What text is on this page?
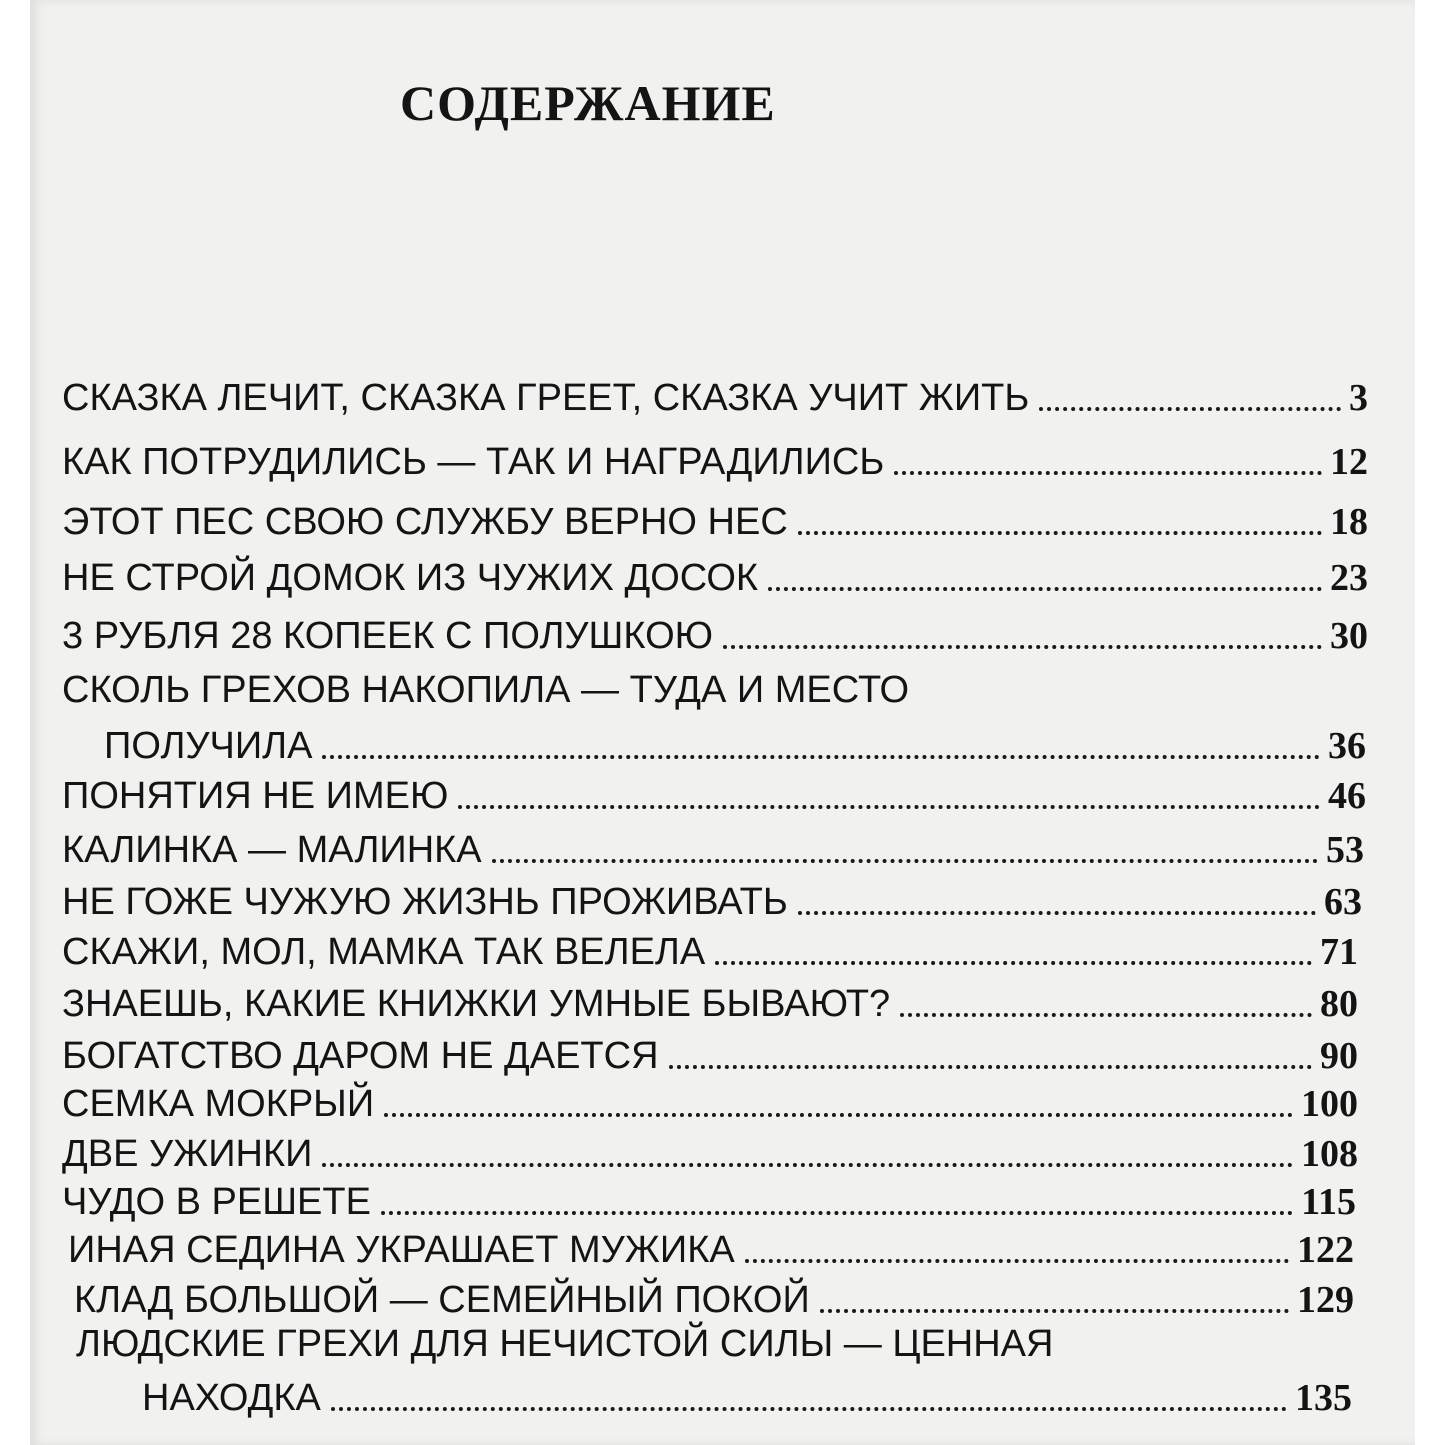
СОДЕРЖАНИЕ
СКАЗКА ЛЕЧИТ, СКАЗКА ГРЕЕТ, СКАЗКА УЧИТ ЖИТЬ	3
КАК ПОТРУДИЛИСЬ — ТАК И НАГРАДИЛИСЬ	12
ЭТОТ ПЕС СВОЮ СЛУЖБУ ВЕРНО НЕС	18
НЕ СТРОЙ ДОМОК ИЗ ЧУЖИХ ДОСОК	23
3 РУБЛЯ 28 КОПЕЕК С ПОЛУШКОЮ	30
СКОЛЬ ГРЕХОВ НАКОПИЛА — ТУДА И МЕСТО
ПОЛУЧИЛА	36
ПОНЯТИЯ НЕ ИМЕЮ	46
КАЛИНКА — МАЛИНКА	53
НЕ ГОЖЕ ЧУЖУЮ ЖИЗНЬ ПРОЖИВАТЬ	63
СКАЖИ, МОЛ, МАМКА ТАК ВЕЛЕЛА	71
ЗНАЕШЬ, КАКИЕ КНИЖКИ УМНЫЕ БЫВАЮТ?	80
БОГАТСТВО ДАРОМ НЕ ДАЕТСЯ	90
СЕМКА МОКРЫЙ	100
ДВЕ УЖИНКИ	108
ЧУДО В РЕШЕТЕ	115
ИНАЯ СЕДИНА УКРАШАЕТ МУЖИКА	122
КЛАД БОЛЬШОЙ — СЕМЕЙНЫЙ ПОКОЙ	129
ЛЮДСКИЕ ГРЕХИ ДЛЯ НЕЧИСТОЙ СИЛЫ — ЦЕННАЯ
НАХОДКА	135
